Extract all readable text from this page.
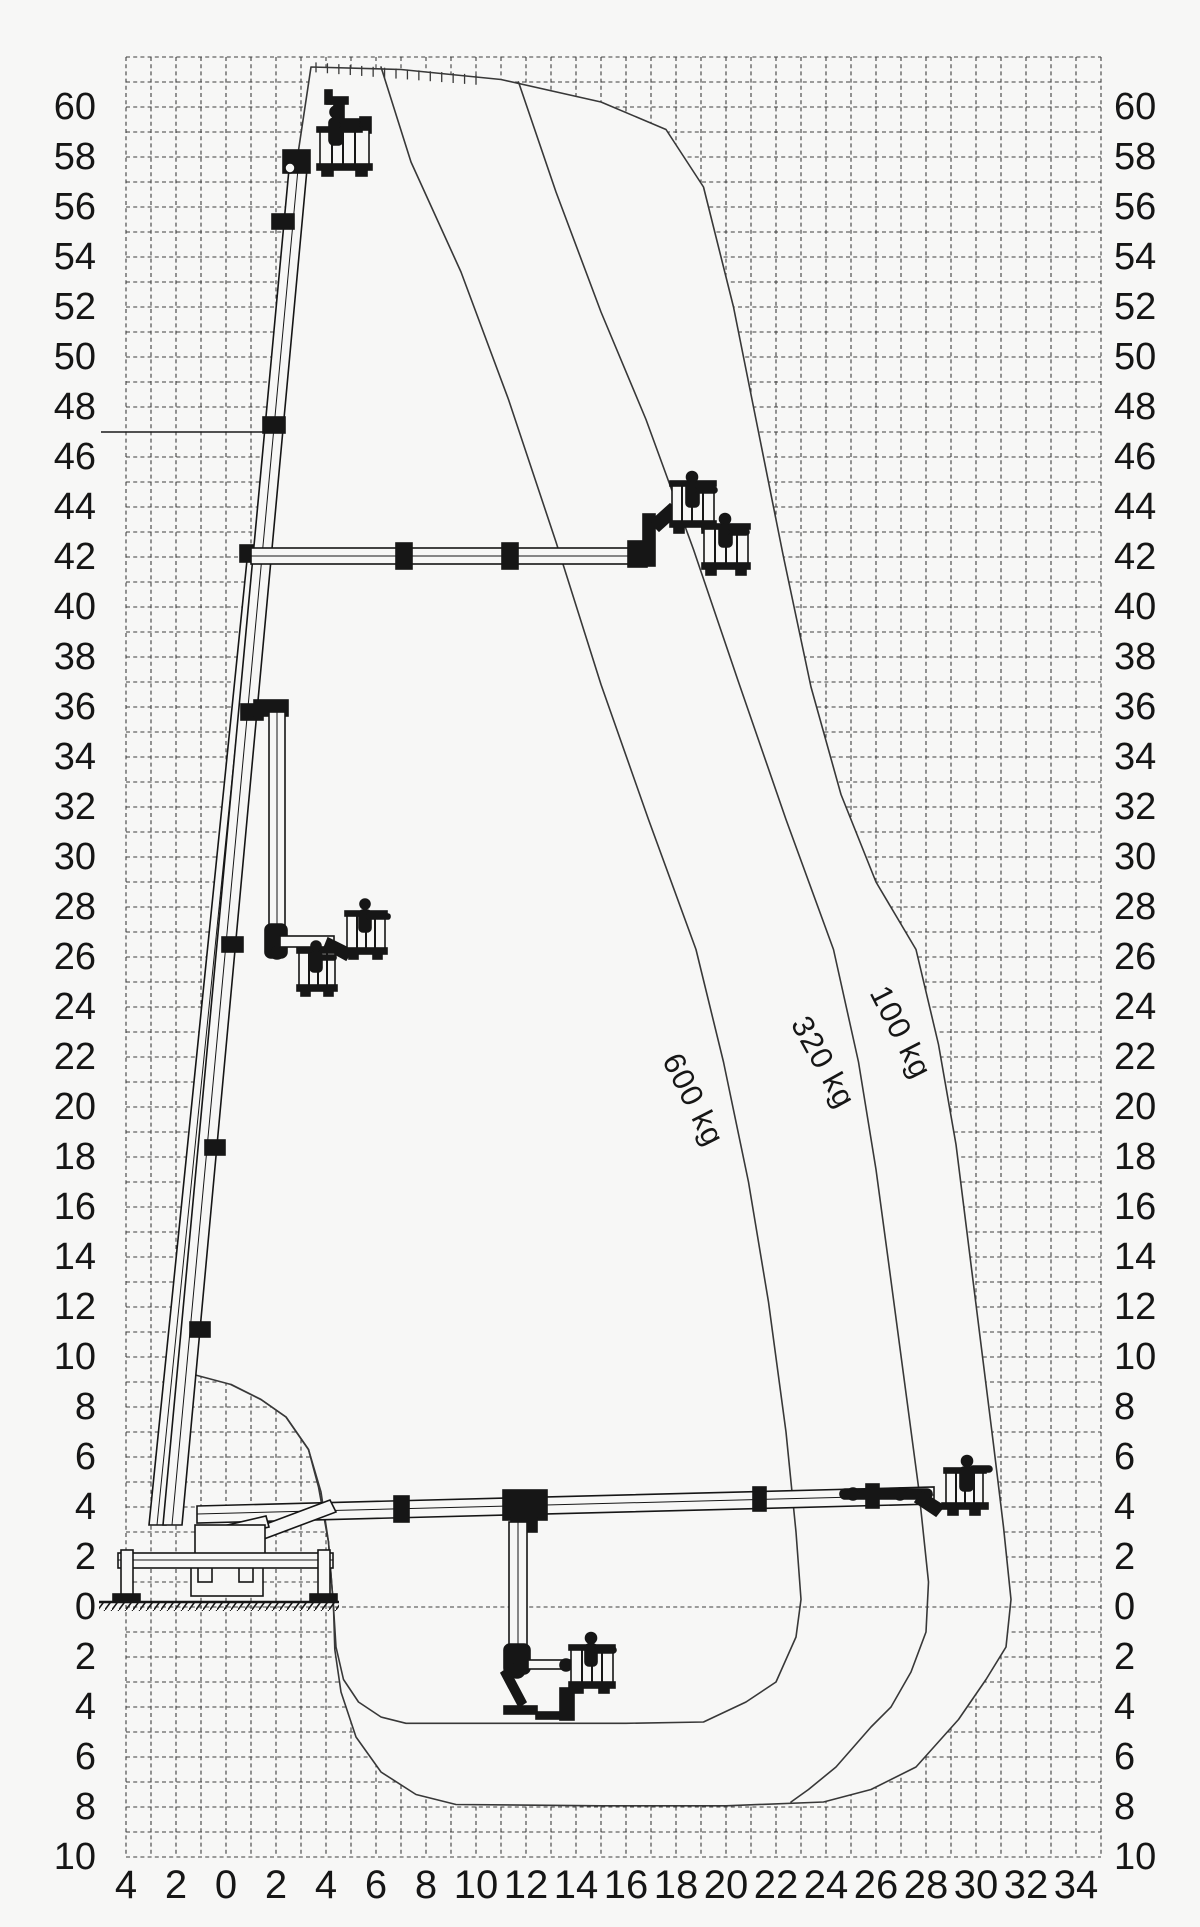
60
58
56
54
52
50
48
46
44
42
40
38
36
34
32
30
28
26
24
22
20
18
16
14
12
10
8
6
4
2
0
2
4
6
8
10
60
58
56
54
52
50
48
46
44
42
40
38
36
34
32
30
28
26
24
22
20
18
16
14
12
10
8
6
4
2
0
2
4
6
8
10
4 2 0 2 4 6 8 10 12 14 16 18 20 22 24 26 28 30 32 34
600 kg 320 kg 100 kg
